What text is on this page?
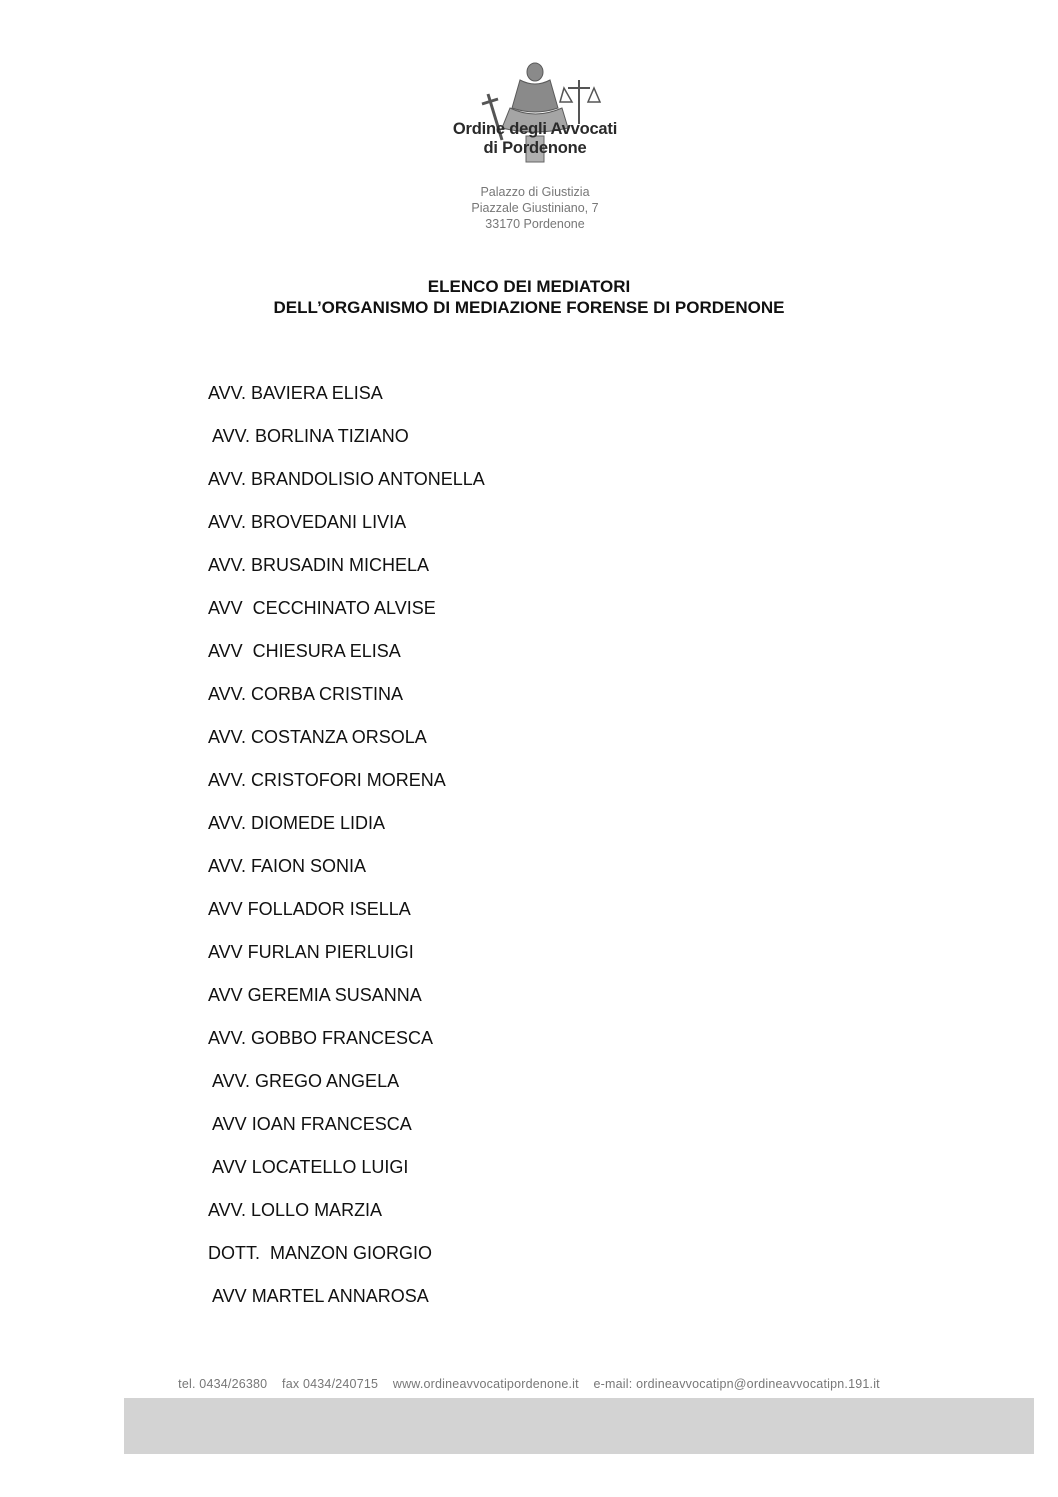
Ordine degli Avvocati
di Pordenone
Palazzo di Giustizia
Piazzale Giustiniano, 7
33170 Pordenone
ELENCO DEI MEDIATORI
DELL’ORGANISMO DI MEDIAZIONE FORENSE DI PORDENONE
AVV. BAVIERA ELISA
AVV. BORLINA TIZIANO
AVV. BRANDOLISIO ANTONELLA
AVV. BROVEDANI LIVIA
AVV. BRUSADIN MICHELA
AVV  CECCHINATO ALVISE
AVV  CHIESURA ELISA
AVV. CORBA CRISTINA
AVV. COSTANZA ORSOLA
AVV. CRISTOFORI MORENA
AVV. DIOMEDE LIDIA
AVV. FAION SONIA
AVV FOLLADOR ISELLA
AVV FURLAN PIERLUIGI
AVV GEREMIA SUSANNA
AVV. GOBBO FRANCESCA
AVV. GREGO ANGELA
AVV IOAN FRANCESCA
AVV LOCATELLO LUIGI
AVV. LOLLO MARZIA
DOTT.  MANZON GIORGIO
AVV MARTEL ANNAROSA
tel. 0434/26380    fax 0434/240715    www.ordineavvocatipordenone.it    e-mail: ordineavvocatipn@ordineavvocatipn.191.it
